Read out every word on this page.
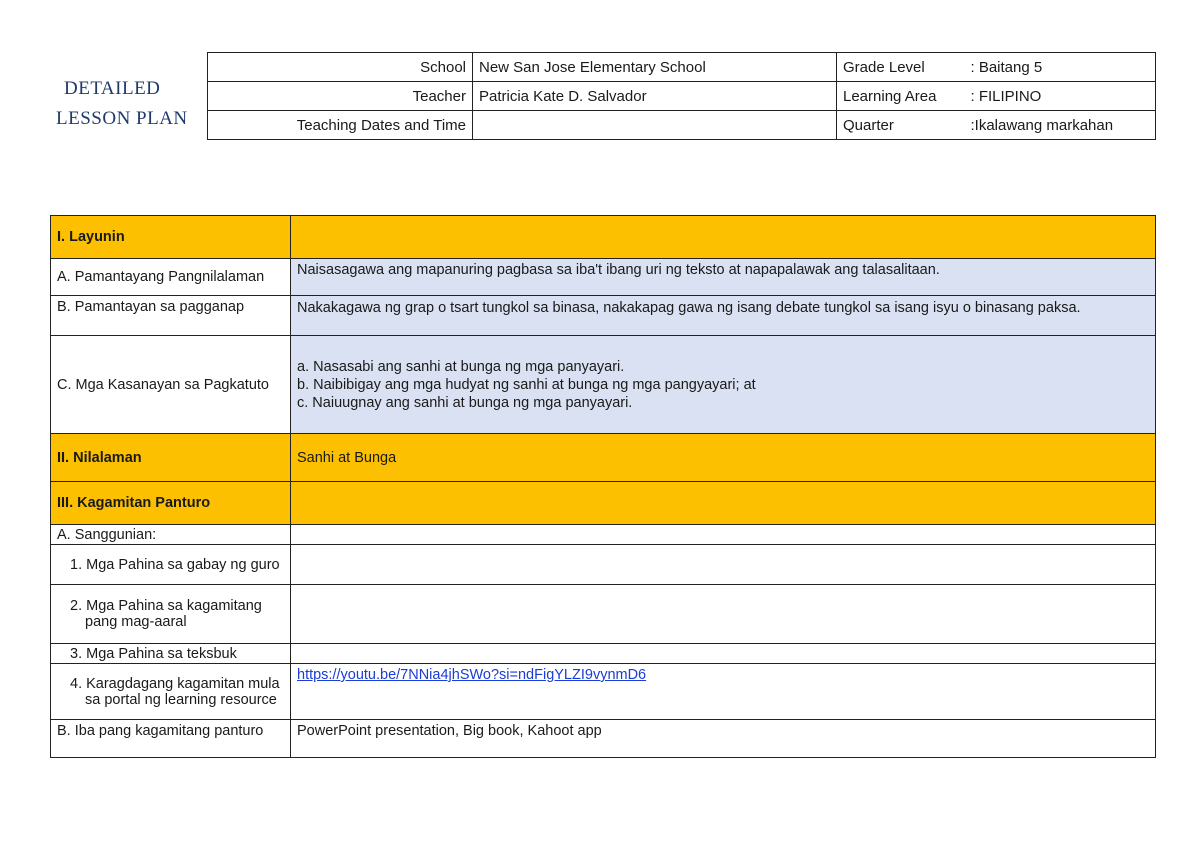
DETAILED
LESSON PLAN
School	New San Jose Elementary School	Grade Level	: Baitang 5
Teacher	Patricia Kate D. Salvador	Learning Area	: FILIPINO
Teaching Dates and Time		Quarter	:Ikalawang markahan
I. Layunin	
A. Pamantayang Pangnilalaman	Naisasagawa ang mapanuring pagbasa sa iba't ibang uri ng teksto at napapalawak ang talasalitaan.
B. Pamantayan sa pagganap	Nakakagawa ng grap o tsart tungkol sa binasa, nakakapag gawa ng isang debate tungkol sa isang isyu o binasang paksa.
C. Mga Kasanayan sa Pagkatuto	a. Nasasabi ang sanhi at bunga ng mga panyayari.
b. Naibibigay ang mga hudyat ng sanhi at bunga ng mga pangyayari; at
c. Naiuugnay ang sanhi at bunga ng mga panyayari.

II. Nilalaman	Sanhi at Bunga
III. Kagamitan Panturo	
A. Sanggunian:	
1. Mga Pahina sa gabay ng guro	
2. Mga Pahina sa kagamitang pang mag-aaral	
3. Mga Pahina sa teksbuk	
4. Karagdagang kagamitan mula sa portal ng learning resource	https://youtu.be/7NNia4jhSWo?si=ndFigYLZI9vynmD6
B. Iba pang kagamitang panturo	PowerPoint presentation, Big book, Kahoot app
